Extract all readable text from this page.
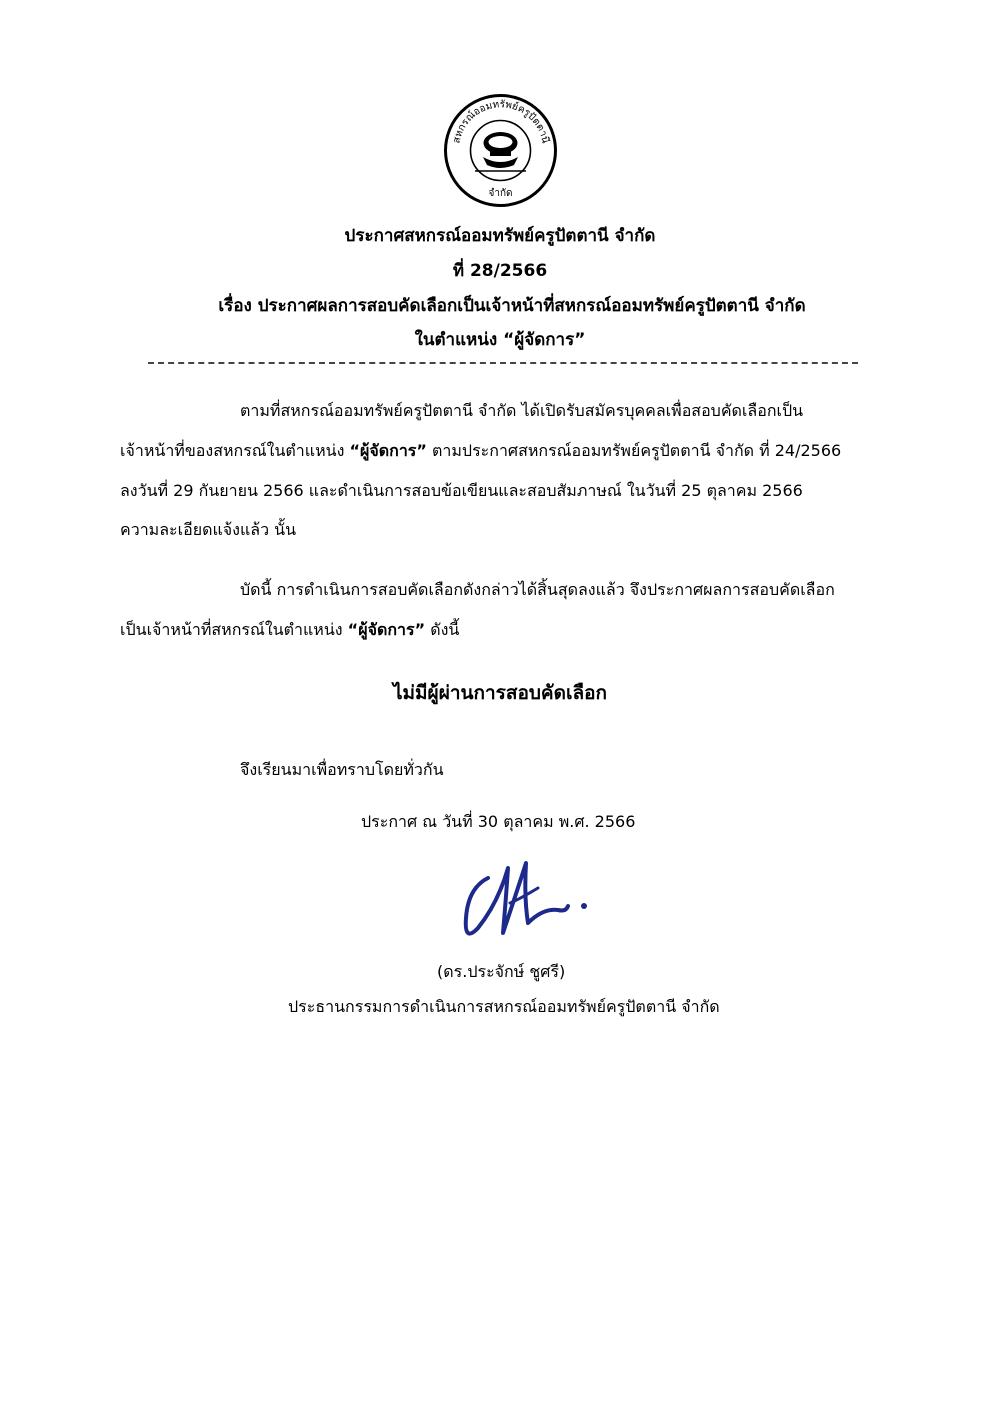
สหกรณ์ออมทรัพย์ครูปัตตานี
จำกัด
ประกาศสหกรณ์ออมทรัพย์ครูปัตตานี จำกัด
ที่ 28/2566
เรื่อง ประกาศผลการสอบคัดเลือกเป็นเจ้าหน้าที่สหกรณ์ออมทรัพย์ครูปัตตานี จำกัด
ในตำแหน่ง “ผู้จัดการ”
ตามที่สหกรณ์ออมทรัพย์ครูปัตตานี จำกัด ได้เปิดรับสมัครบุคคลเพื่อสอบคัดเลือกเป็น
เจ้าหน้าที่ของสหกรณ์ในตำแหน่ง “ผู้จัดการ” ตามประกาศสหกรณ์ออมทรัพย์ครูปัตตานี จำกัด ที่ 24/2566
ลงวันที่ 29 กันยายน 2566 และดำเนินการสอบข้อเขียนและสอบสัมภาษณ์ ในวันที่ 25 ตุลาคม 2566
ความละเอียดแจ้งแล้ว นั้น
บัดนี้ การดำเนินการสอบคัดเลือกดังกล่าวได้สิ้นสุดลงแล้ว จึงประกาศผลการสอบคัดเลือก
เป็นเจ้าหน้าที่สหกรณ์ในตำแหน่ง “ผู้จัดการ” ดังนี้
ไม่มีผู้ผ่านการสอบคัดเลือก
จึงเรียนมาเพื่อทราบโดยทั่วกัน
ประกาศ ณ วันที่ 30 ตุลาคม พ.ศ. 2566
(ดร.ประจักษ์ ชูศรี)
ประธานกรรมการดำเนินการสหกรณ์ออมทรัพย์ครูปัตตานี จำกัด
